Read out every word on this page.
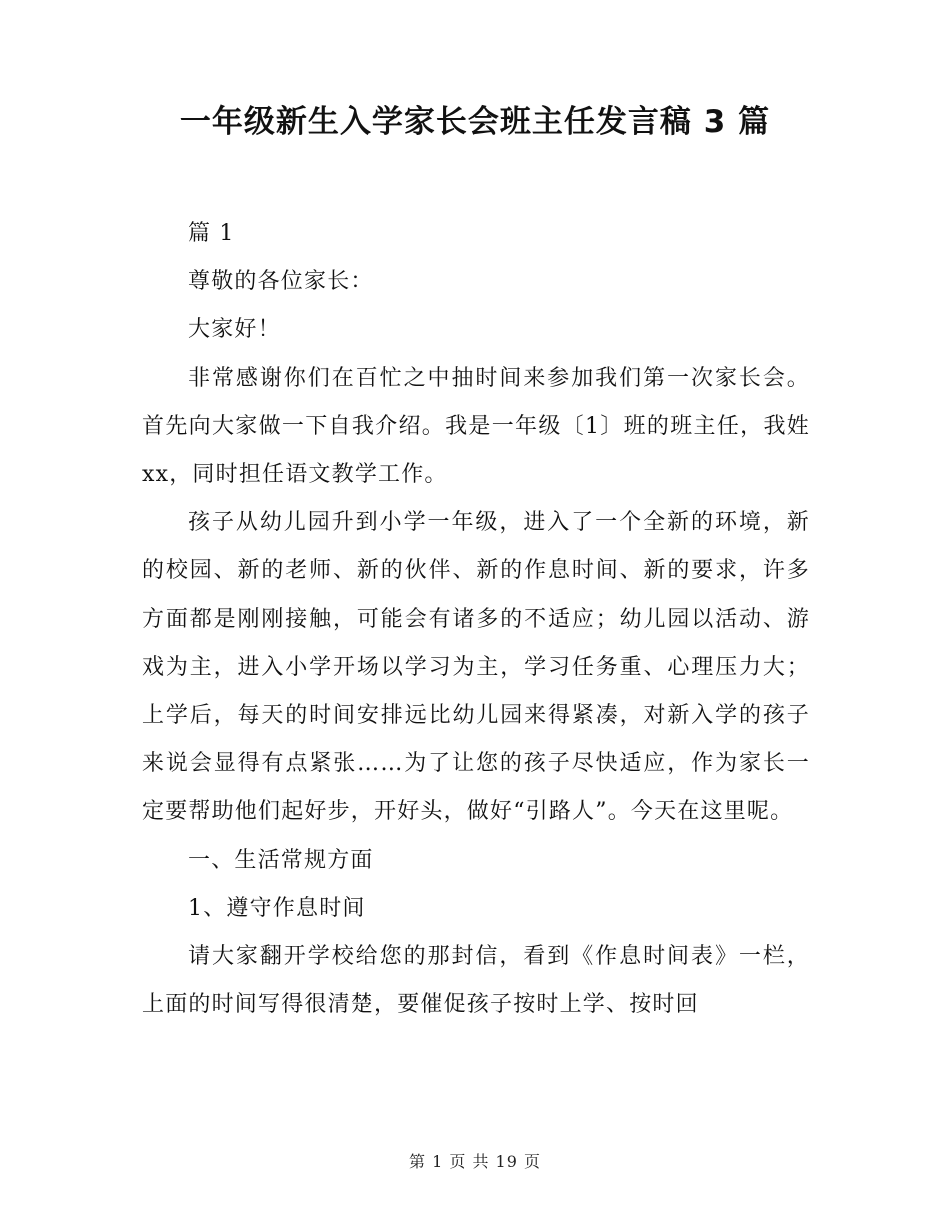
一年级新生入学家长会班主任发言稿 3 篇

篇 1

尊敬的各位家长：

大家好！

非常感谢你们在百忙之中抽时间来参加我们第一次家长会。首先向大家做一下自我介绍。我是一年级〔1〕班的班主任，我姓 xx，同时担任语文教学工作。

孩子从幼儿园升到小学一年级，进入了一个全新的环境，新的校园、新的老师、新的伙伴、新的作息时间、新的要求，许多方面都是刚刚接触，可能会有诸多的不适应；幼儿园以活动、游戏为主，进入小学开场以学习为主，学习任务重、心理压力大；上学后，每天的时间安排远比幼儿园来得紧凑，对新入学的孩子来说会显得有点紧张……为了让您的孩子尽快适应，作为家长一定要帮助他们起好步，开好头，做好“引路人”。今天在这里呢。

一、生活常规方面

1、遵守作息时间

请大家翻开学校给您的那封信，看到《作息时间表》一栏，上面的时间写得很清楚，要催促孩子按时上学、按时回

第 1 页 共 19 页
